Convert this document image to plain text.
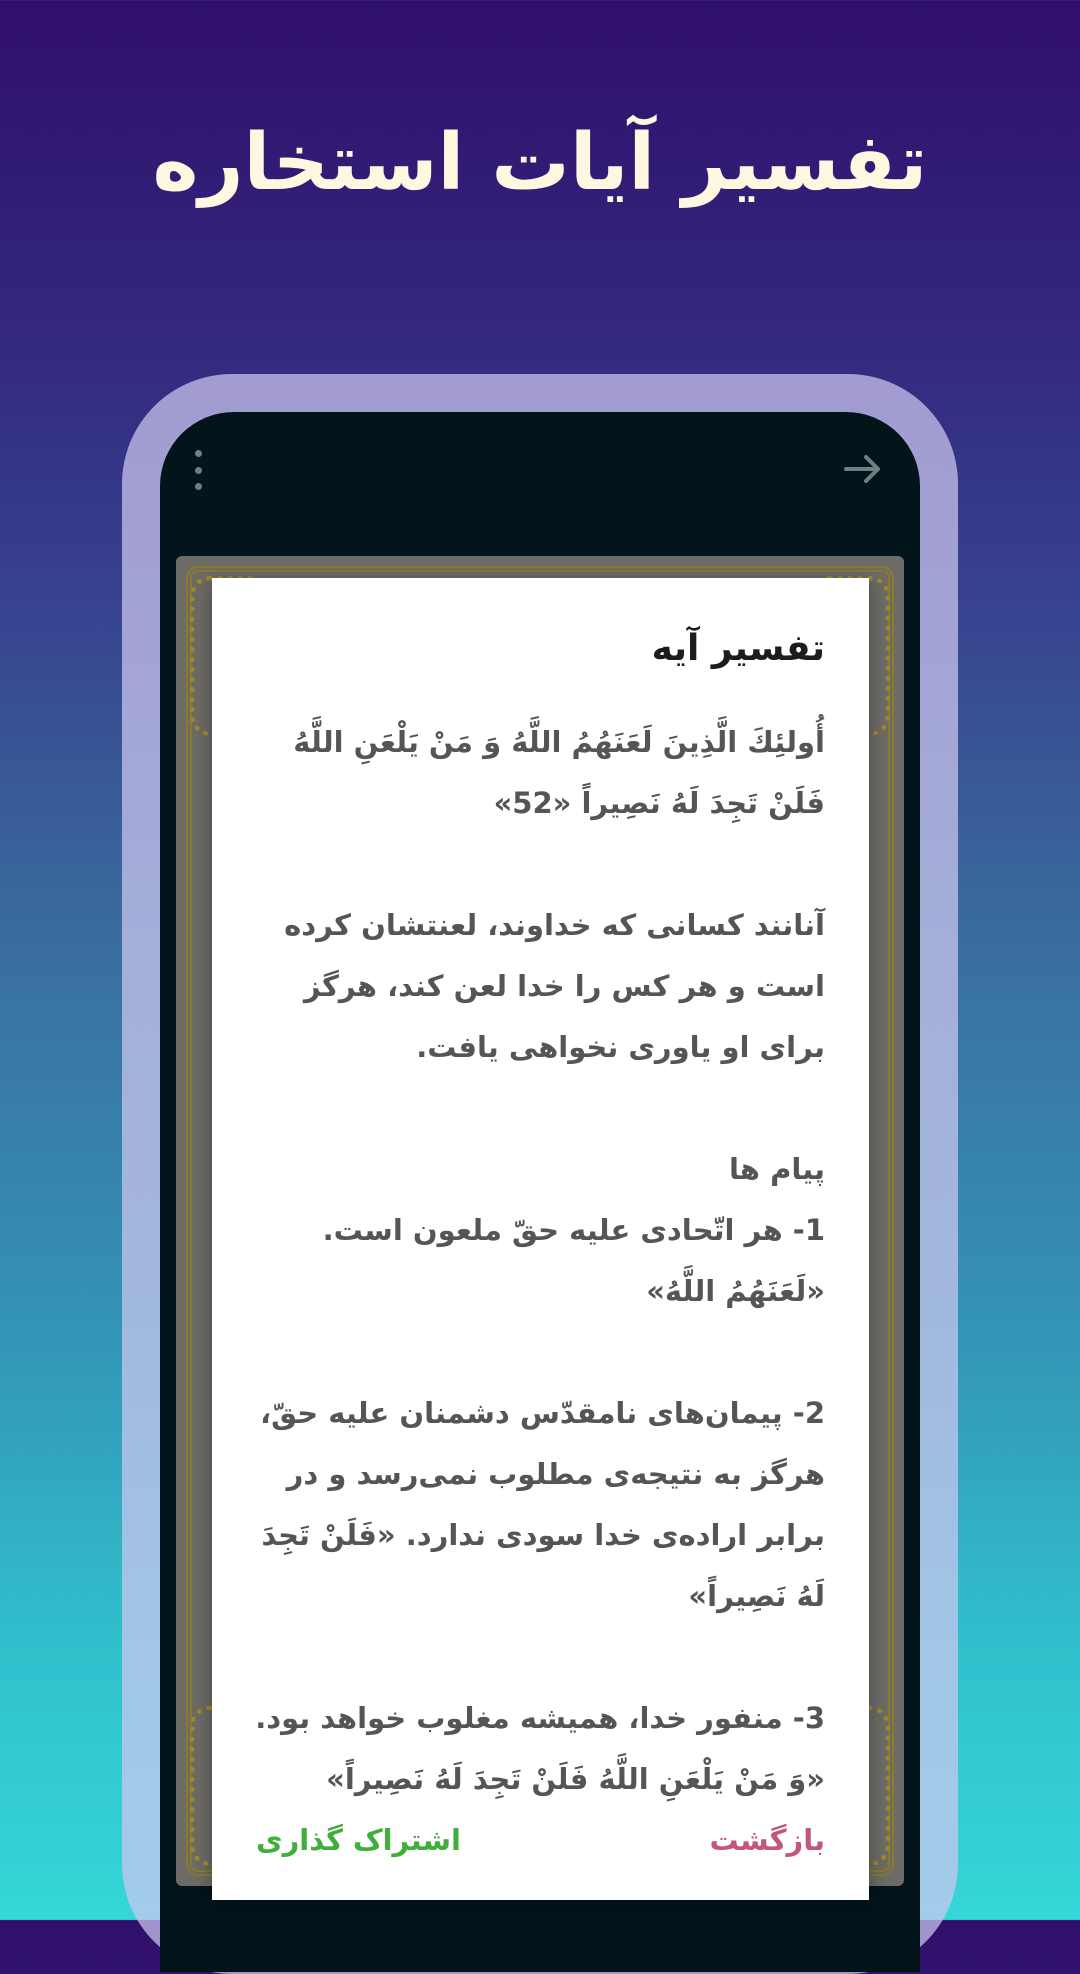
تفسیر آیات استخاره
تفسیر آیه
أُولئِكَ الَّذِينَ لَعَنَهُمُ اللَّهُ وَ مَنْ يَلْعَنِ اللَّهُ فَلَنْ تَجِدَ لَهُ نَصِيراً «52»

آنانند کسانى که خداوند، لعنتشان کرده است و هر کس را خدا لعن کند، هرگز براى او یاورى نخواهى یافت.

پیام ها
1- هر اتّحادى علیه حقّ ملعون است. «لَعَنَهُمُ اللَّهُ»

2- پیمان‌هاى نامقدّس دشمنان علیه حقّ، هرگز به نتیجه‌ى مطلوب نمى‌رسد و در برابر اراده‌ى خدا سودى ندارد. «فَلَنْ تَجِدَ لَهُ نَصِيراً»

3- منفور خدا، همیشه مغلوب خواهد بود. «وَ مَنْ يَلْعَنِ اللَّهُ فَلَنْ تَجِدَ لَهُ نَصِيراً»
بازگشت
اشتراک گذاری
